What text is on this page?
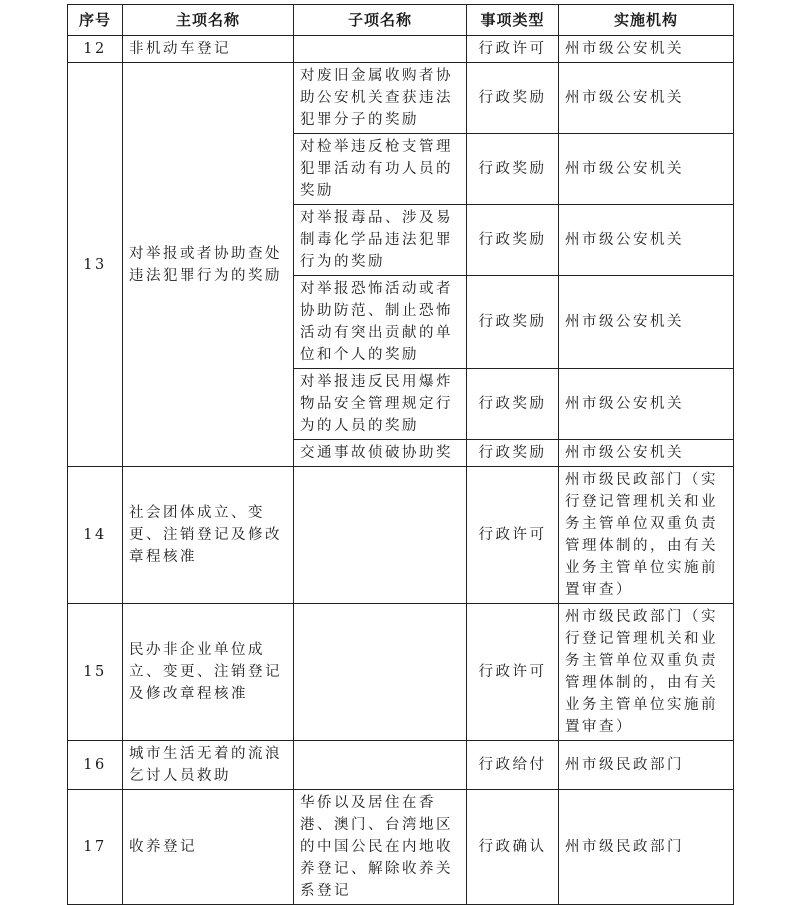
序号	主项名称	子项名称	事项类型	实施机构
12	非机动车登记		行政许可	州市级公安机关
13	对举报或者协助查处违法犯罪行为的奖励	对废旧金属收购者协助公安机关查获违法犯罪分子的奖励	行政奖励	州市级公安机关
		对检举违反枪支管理犯罪活动有功人员的奖励	行政奖励	州市级公安机关
		对举报毒品、涉及易制毒化学品违法犯罪行为的奖励	行政奖励	州市级公安机关
		对举报恐怖活动或者协助防范、制止恐怖活动有突出贡献的单位和个人的奖励	行政奖励	州市级公安机关
		对举报违反民用爆炸物品安全管理规定行为的人员的奖励	行政奖励	州市级公安机关
		交通事故侦破协助奖	行政奖励	州市级公安机关
14	社会团体成立、变更、注销登记及修改章程核准		行政许可	州市级民政部门（实行登记管理机关和业务主管单位双重负责管理体制的，由有关业务主管单位实施前置审查）
15	民办非企业单位成立、变更、注销登记及修改章程核准		行政许可	州市级民政部门（实行登记管理机关和业务主管单位双重负责管理体制的，由有关业务主管单位实施前置审查）
16	城市生活无着的流浪乞讨人员救助		行政给付	州市级民政部门
17	收养登记	华侨以及居住在香港、澳门、台湾地区的中国公民在内地收养登记、解除收养关系登记	行政确认	州市级民政部门
